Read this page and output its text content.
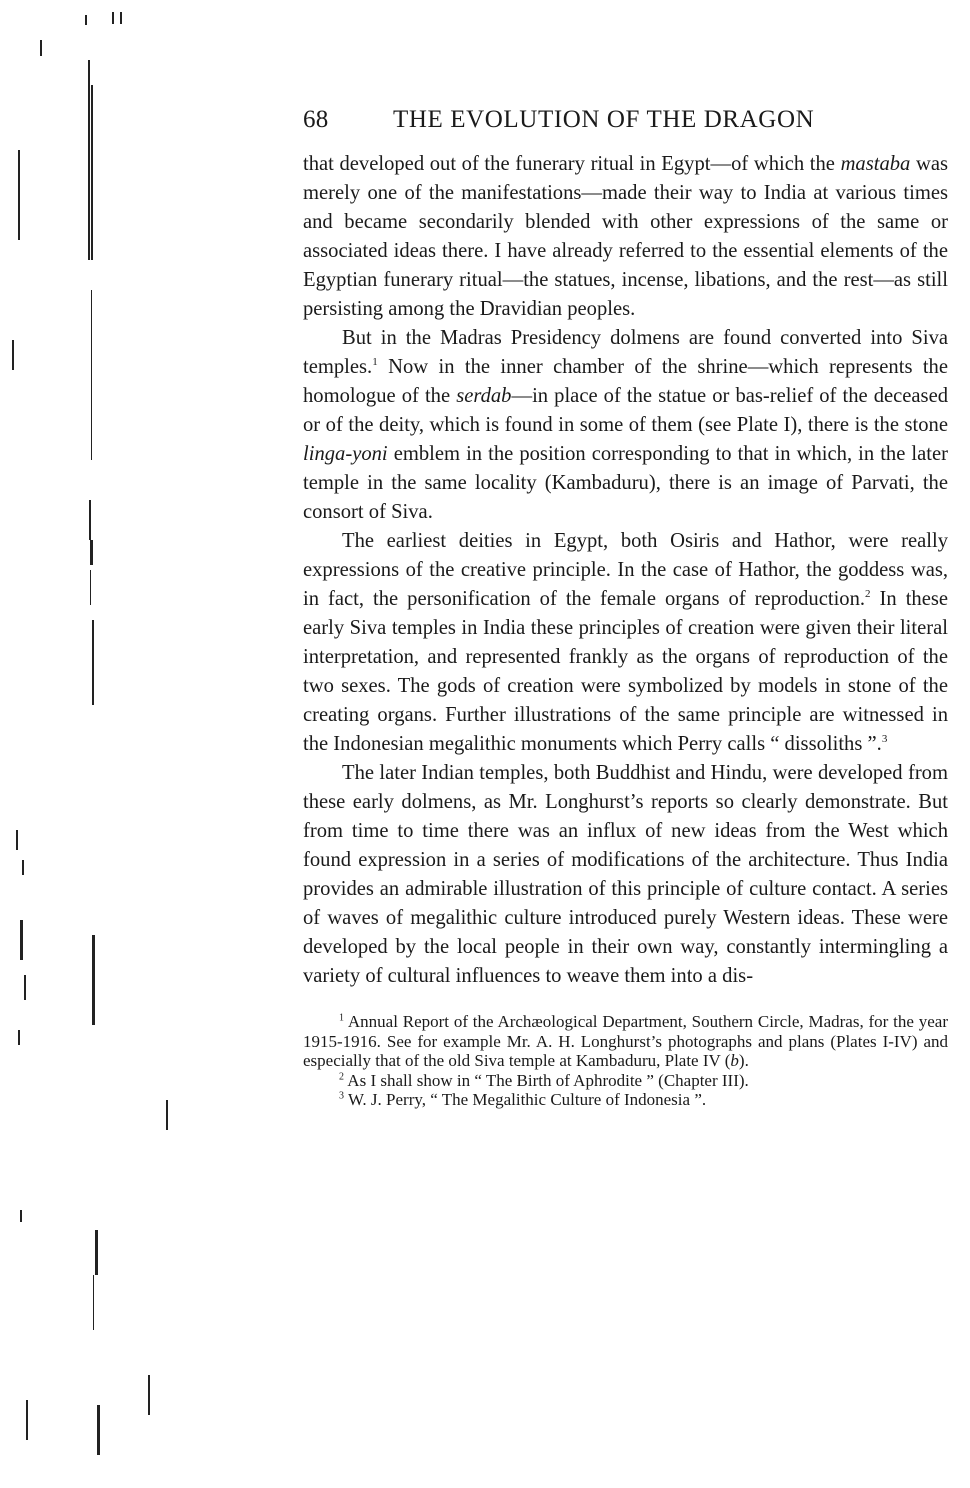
68	THE EVOLUTION OF THE DRAGON

that developed out of the funerary ritual in Egypt—of which the mastaba was merely one of the manifestations—made their way to India at various times and became secondarily blended with other expressions of the same or associated ideas there. I have already referred to the essential elements of the Egyptian funerary ritual—the statues, incense, libations, and the rest—as still persisting among the Dravidian peoples.

But in the Madras Presidency dolmens are found converted into Siva temples.$^1$ Now in the inner chamber of the shrine—which represents the homologue of the serdab—in place of the statue or bas-relief of the deceased or of the deity, which is found in some of them (see Plate I), there is the stone linga-yoni emblem in the position corresponding to that in which, in the later temple in the same locality (Kambaduru), there is an image of Parvati, the consort of Siva.

The earliest deities in Egypt, both Osiris and Hathor, were really expressions of the creative principle. In the case of Hathor, the goddess was, in fact, the personification of the female organs of reproduction.$^2$ In these early Siva temples in India these principles of creation were given their literal interpretation, and represented frankly as the organs of reproduction of the two sexes. The gods of creation were symbolized by models in stone of the creating organs. Further illustrations of the same principle are witnessed in the Indonesian megalithic monuments which Perry calls “ dissoliths ”.$^3$

The later Indian temples, both Buddhist and Hindu, were developed from these early dolmens, as Mr. Longhurst’s reports so clearly demonstrate. But from time to time there was an influx of new ideas from the West which found expression in a series of modifications of the architecture. Thus India provides an admirable illustration of this principle of culture contact. A series of waves of megalithic culture introduced purely Western ideas. These were developed by the local people in their own way, constantly intermingling a variety of cultural influences to weave them into a dis-

$^1$ Annual Report of the Archæological Department, Southern Circle, Madras, for the year 1915-1916. See for example Mr. A. H. Longhurst’s photographs and plans (Plates I-IV) and especially that of the old Siva temple at Kambaduru, Plate IV (b).
$^2$ As I shall show in “ The Birth of Aphrodite ” (Chapter III).
$^3$ W. J. Perry, “ The Megalithic Culture of Indonesia ”.
